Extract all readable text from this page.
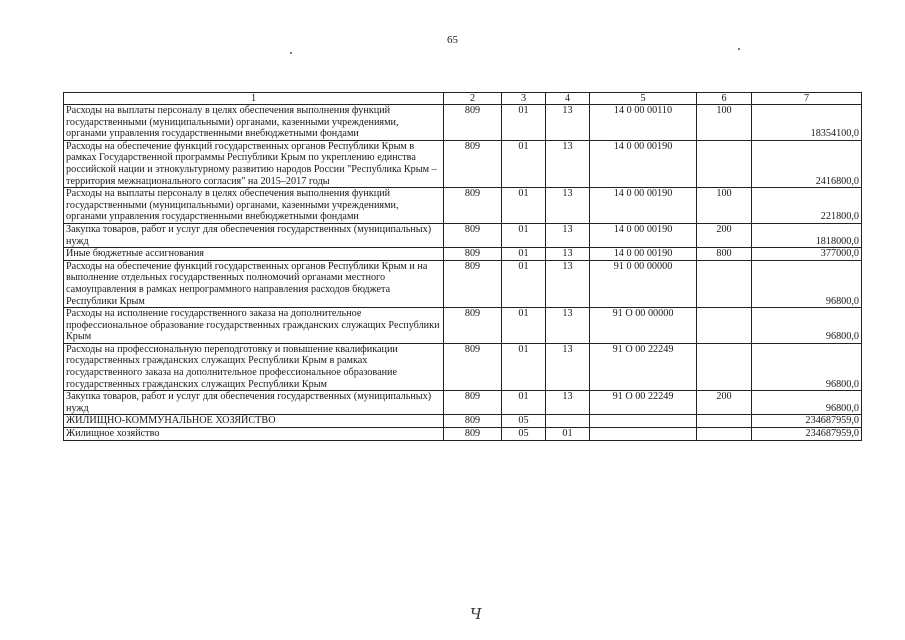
65
1	2	3	4	5	6	7
Расходы на выплаты персоналу в целях обеспечения выполнения функций государственными (муниципальными) органами, казенными учреждениями, органами управления государственными внебюджетными фондами	809	01	13	14 0 00 00110	100	18354100,0
Расходы на обеспечение функций государственных органов Республики Крым в рамках Государственной программы Республики Крым по укреплению единства российской нации и этнокультурному развитию народов России "Республика Крым – территория межнационального согласия" на 2015–2017 годы	809	01	13	14 0 00 00190		2416800,0
Расходы на выплаты персоналу в целях обеспечения выполнения функций государственными (муниципальными) органами, казенными учреждениями, органами управления государственными внебюджетными фондами	809	01	13	14 0 00 00190	100	221800,0
Закупка товаров, работ и услуг для обеспечения государственных (муниципальных) нужд	809	01	13	14 0 00 00190	200	1818000,0
Иные бюджетные ассигнования	809	01	13	14 0 00 00190	800	377000,0
Расходы на обеспечение функций государственных органов Республики Крым и на выполнение отдельных государственных полномочий органами местного самоуправления в рамках непрограммного направления расходов бюджета Республики Крым	809	01	13	91 0 00 00000		96800,0
Расходы на исполнение государственного заказа на дополнительное профессиональное образование государственных гражданских служащих Республики Крым	809	01	13	91 О 00 00000		96800,0
Расходы на профессиональную переподготовку и повышение квалификации государственных гражданских служащих Республики Крым в рамках государственного заказа на дополнительное профессиональное образование государственных гражданских служащих Республики Крым	809	01	13	91 О 00 22249		96800,0
Закупка товаров, работ и услуг для обеспечения государственных (муниципальных) нужд	809	01	13	91 О 00 22249	200	96800,0
ЖИЛИЩНО-КОММУНАЛЬНОЕ ХОЗЯЙСТВО	809	05				234687959,0
Жилищное хозяйство	809	05	01			234687959,0
Ч
